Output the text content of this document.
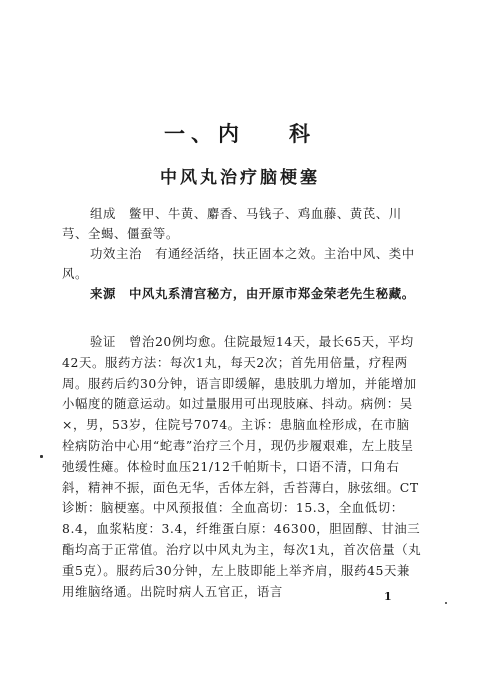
一、内 科
中风丸治疗脑梗塞

组成　鳖甲、牛黄、麝香、马钱子、鸡血藤、黄芪、川芎、全蝎、僵蚕等。

功效主治　有通经活络，扶正固本之效。主治中风、类中风。

来源　中风丸系清宫秘方，由开原市郑金荣老先生秘藏。

验证　曾治20例均愈。住院最短14天，最长65天，平均42天。服药方法：每次1丸，每天2次；首先用倍量，疗程两周。服药后约30分钟，语言即缓解，患肢肌力增加，并能增加小幅度的随意运动。如过量服用可出现肢麻、抖动。病例：吴×，男，53岁，住院号7074。主诉：患脑血栓形成，在市脑栓病防治中心用“蛇毒”治疗三个月，现仍步履艰难，左上肢呈弛缓性瘫。体检时血压21/12千帕斯卡，口语不清，口角右斜，精神不振，面色无华，舌体左斜，舌苔薄白，脉弦细。CT诊断：脑梗塞。中风预报值：全血高切：15.3，全血低切：8.4，血浆粘度：3.4，纤维蛋白原：46300，胆固醇、甘油三酯均高于正常值。治疗以中风丸为主，每次1丸，首次倍量（丸重5克）。服药后30分钟，左上肢即能上举齐肩，服药45天兼用维脑络通。出院时病人五官正，语言	1
